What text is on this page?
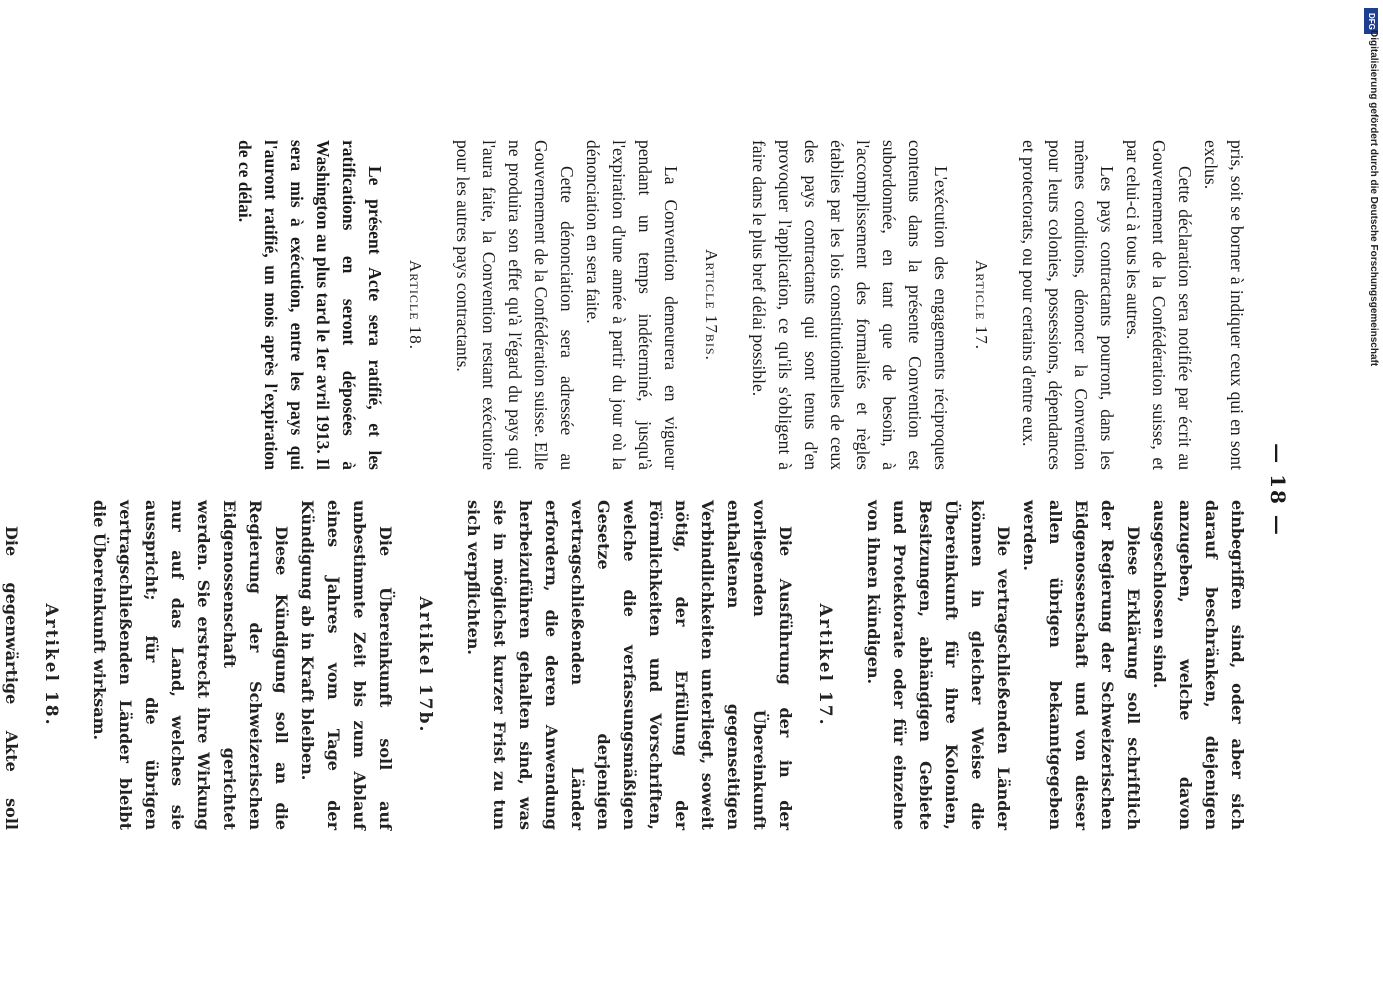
— 18 —

pris, soit se borner à indiquer ceux qui en sont exclus.

Cette déclaration sera notifiée par écrit au Gouvernement de la Confédération suisse, et par celui-ci à tous les autres.

Les pays contractants pourront, dans les mêmes conditions, dénoncer la Convention pour leurs colonies, possessions, dépendances et protectorats, ou pour certains d'entre eux.

Article 17.

L'exécution des engagements réciproques contenus dans la présente Convention est subordonnée, en tant que de besoin, à l'accomplissement des formalités et règles établies par les lois constitutionnelles de ceux des pays contractants qui sont tenus d'en provoquer l'application, ce qu'ils s'obligent à faire dans le plus bref délai possible.

Article 17bis.

La Convention demeurera en vigueur pendant un temps indéterminé, jusqu'à l'expiration d'une année à partir du jour où la dénonciation en sera faite.

Cette dénonciation sera adressée au Gouvernement de la Confédération suisse. Elle ne produira son effet qu'à l'égard du pays qui l'aura faite, la Convention restant exécutoire pour les autres pays contractants.

Article 18.

Le présent Acte sera ratifié, et les ratifications en seront déposées à Washington au plus tard le 1er avril 1913. Il sera mis à exécution, entre les pays qui l'auront ratifié, un mois après l'expiration de ce délai.

einbegriffen sind, oder aber sich darauf beschränken, diejenigen anzugeben, welche davon ausgeschlossen sind.

Diese Erklärung soll schriftlich der Regierung der Schweizerischen Eidgenossenschaft und von dieser allen übrigen bekanntgegeben werden.

Die vertragschließenden Länder können in gleicher Weise die Übereinkunft für ihre Kolonien, Besitzungen, abhängigen Gebiete und Protektorate oder für einzelne von ihnen kündigen.

Artikel 17.

Die Ausführung der in der vorliegenden Übereinkunft enthaltenen gegenseitigen Verbindlichkeiten unterliegt, soweit nötig, der Erfüllung der Förmlichkeiten und Vorschriften, welche die verfassungsmäßigen Gesetze derjenigen vertragschließenden Länder erfordern, die deren Anwendung herbeizuführen gehalten sind, was sie in möglichst kurzer Frist zu tun sich verpflichten.

Artikel 17b.

Die Übereinkunft soll auf unbestimmte Zeit bis zum Ablauf eines Jahres vom Tage der Kündigung ab in Kraft bleiben.

Diese Kündigung soll an die Regierung der Schweizerischen Eidgenossenschaft gerichtet werden. Sie erstreckt ihre Wirkung nur auf das Land, welches sie ausspricht; für die übrigen vertragschließenden Länder bleibt die Übereinkunft wirksam.

Artikel 18.

Die gegenwärtige Akte soll

DFG
Digitalisierung gefördert durch die Deutsche Forschungsgemeinschaft
